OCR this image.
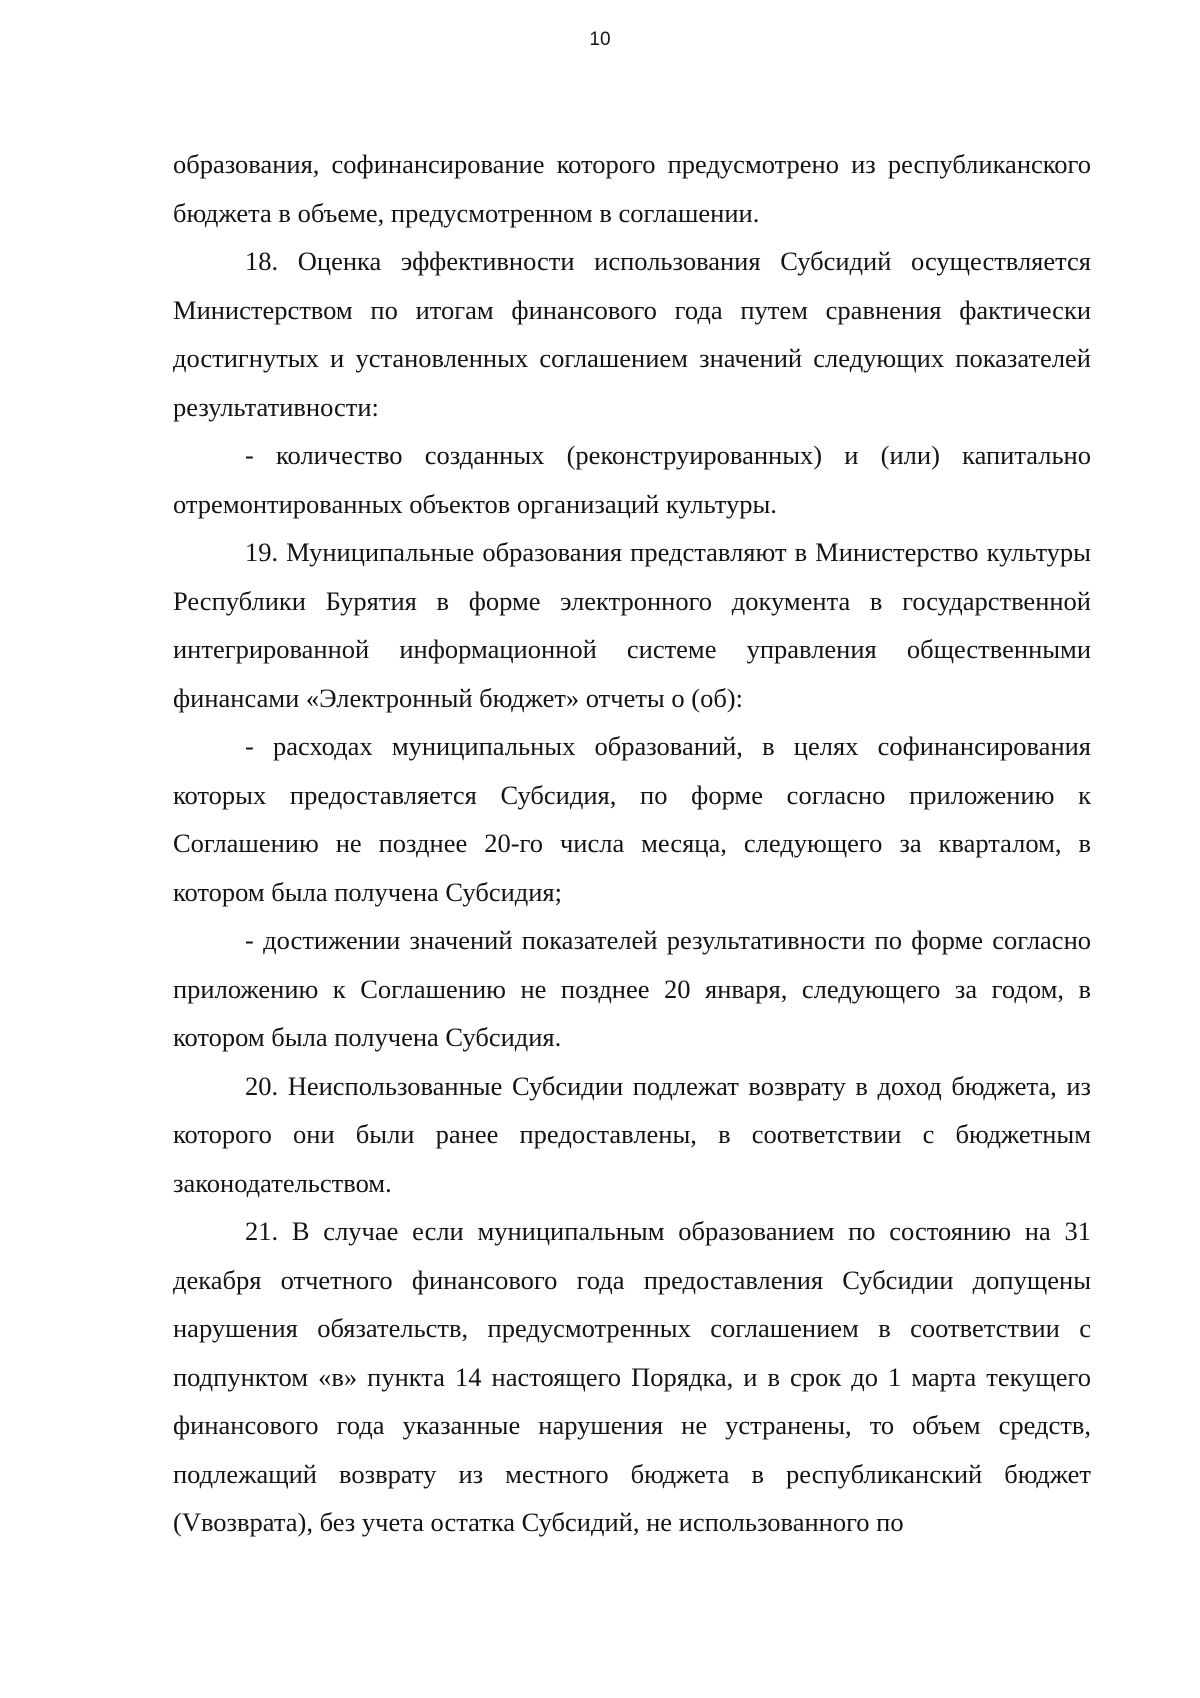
10

образования, софинансирование которого предусмотрено из республиканского бюджета в объеме, предусмотренном в соглашении.

18. Оценка эффективности использования Субсидий осуществляется Министерством по итогам финансового года путем сравнения фактически достигнутых и установленных соглашением значений следующих показателей результативности:

- количество созданных (реконструированных) и (или) капитально отремонтированных объектов организаций культуры.

19. Муниципальные образования представляют в Министерство культуры Республики Бурятия в форме электронного документа в государственной интегрированной информационной системе управления общественными финансами «Электронный бюджет» отчеты о (об):

- расходах муниципальных образований, в целях софинансирования которых предоставляется Субсидия, по форме согласно приложению к Соглашению не позднее 20-го числа месяца, следующего за кварталом, в котором была получена Субсидия;

- достижении значений показателей результативности по форме согласно приложению к Соглашению не позднее 20 января, следующего за годом, в котором была получена Субсидия.

20. Неиспользованные Субсидии подлежат возврату в доход бюджета, из которого они были ранее предоставлены, в соответствии с бюджетным законодательством.

21. В случае если муниципальным образованием по состоянию на 31 декабря отчетного финансового года предоставления Субсидии допущены нарушения обязательств, предусмотренных соглашением в соответствии с подпунктом «в» пункта 14 настоящего Порядка, и в срок до 1 марта текущего финансового года указанные нарушения не устранены, то объем средств, подлежащий возврату из местного бюджета в республиканский бюджет (Vвозврата), без учета остатка Субсидий, не использованного по
